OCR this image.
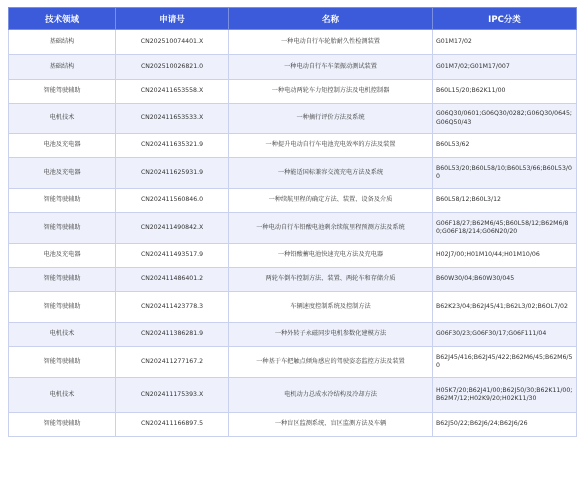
技术领域	申请号	名称	IPC分类
基础结构	CN202510074401.X	一种电动自行车轮胎耐久性检测装置	G01M17/02
基础结构	CN202510026821.0	一种电动自行车车架振动测试装置	G01M7/02;G01M17/007
智能驾驶辅助	CN202411653558.X	一种电动两轮车力矩控制方法及电机控制器	B60L15/20;B62K11/00
电机技术	CN202411653533.X	一种摘行评价方法及系统	G06Q30/0601;G06Q30/0282;G06Q30/0645;G06Q50/43
电池及充电器	CN202411635321.9	一种提升电动自行车电池充电效率的方法及装置	B60L53/62
电池及充电器	CN202411625931.9	一种能适国标兼容交流充电方法及系统	B60L53/20;B60L58/10;B60L53/66;B60L53/00
智能驾驶辅助	CN202411560846.0	一种续航里程的确定方法、装置、设备及介质	B60L58/12;B60L3/12
智能驾驶辅助	CN202411490842.X	一种电动自行车铅酸电池剩余续航里程预测方法及系统	G06F18/27;B62M6/45;B60L58/12;B62M6/80;G06F18/214;G06N20/20
电池及充电器	CN202411493517.9	一种铅酸蓄电池快速充电方法及充电器	H02J7/00;H01M10/44;H01M10/06
智能驾驶辅助	CN202411486401.2	两轮车倒车控制方法、装置、两轮车和存储介质	B60W30/04;B60W30/045
智能驾驶辅助	CN202411423778.3	车辆速度控制系统及控制方法	B62K23/04;B62J45/41;B62L3/02;B6OL7/02
电机技术	CN202411386281.9	一种外转子永磁同步电机参数化建模方法	G06F30/23;G06F30/17;G06F111/04
智能驾驶辅助	CN202411277167.2	一种基于车把触点倾角感应的驾驶姿态监控方法及装置	B62J45/416;B62J45/422;B62M6/45;B62M6/50
电机技术	CN202411175393.X	电机动力总成水冷结构及冷却方法	H05K7/20;B62J41/00;B62J50/30;B62K11/00;B62M7/12;H02K9/20;H02K11/30
智能驾驶辅助	CN202411166897.5	一种盲区监测系统、盲区监测方法及车辆	B62J50/22;B62J6/24;B62J6/26
